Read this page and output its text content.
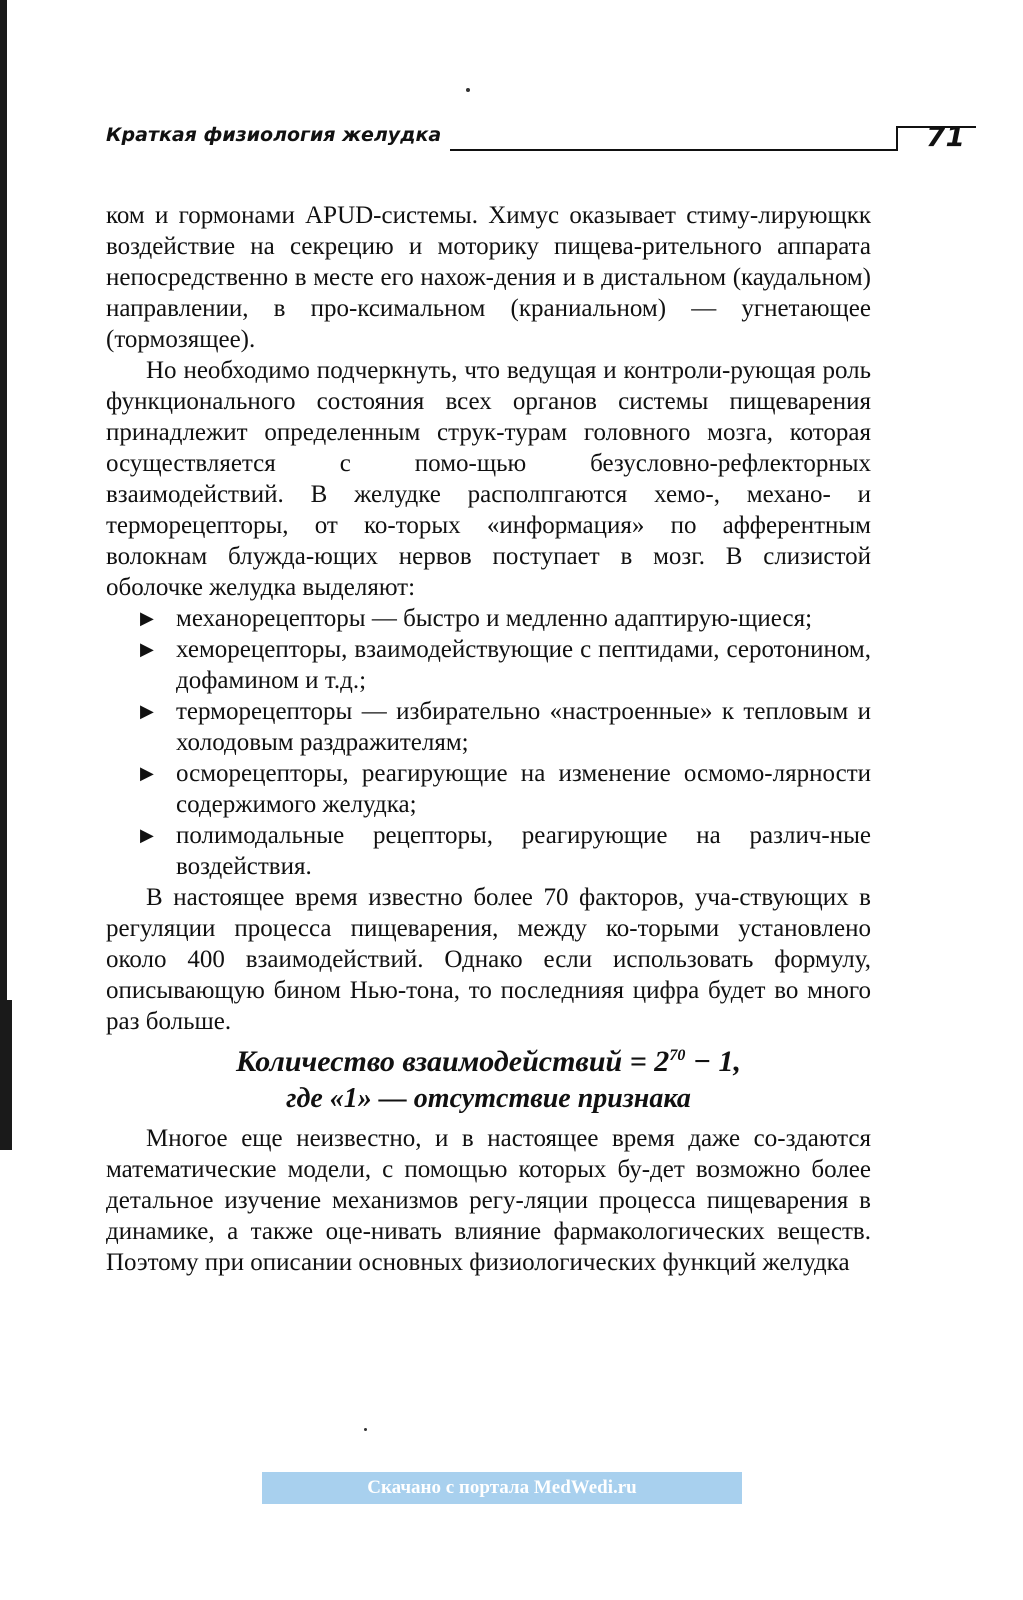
Краткая физиология желудка	71

ком и гормонами APUD-системы. Химус оказывает стиму-лирующкк воздействие на секрецию и моторику пищева-рительного аппарата непосредственно в месте его нахож-дения и в дистальном (каудальном) направлении, в про-ксимальном (краниальном) — угнетающее (тормозящее).

Но необходимо подчеркнуть, что ведущая и контроли-рующая роль функционального состояния всех органов системы пищеварения принадлежит определенным струк-турам головного мозга, которая осуществляется с помо-щью безусловно-рефлекторных взаимодействий. В желудке располпгаются хемо-, механо- и терморецепторы, от ко-торых «информация» по афферентным волокнам блужда-ющих нервов поступает в мозг. В слизистой оболочке желудка выделяют:

▶ механорецепторы — быстро и медленно адаптирую-щиеся;
▶ хеморецепторы, взаимодействующие с пептидами, серотонином, дофамином и т.д.;
▶ терморецепторы — избирательно «настроенные» к тепловым и холодовым раздражителям;
▶ осморецепторы, реагирующие на изменение осмомо-лярности содержимого желудка;
▶ полимодальные рецепторы, реагирующие на различ-ные воздействия.

В настоящее время известно более 70 факторов, уча-ствующих в регуляции процесса пищеварения, между ко-торыми установлено около 400 взаимодействий. Однако если использовать формулу, описывающую бином Нью-тона, то последнияя цифра будет во много раз больше.

Количество взаимодействий = $2^{70} - 1$,
где «1» — отсутствие признака

Многое еще неизвестно, и в настоящее время даже со-здаются математические модели, с помощью которых бу-дет возможно более детальное изучение механизмов регу-ляции процесса пищеварения в динамике, а также оце-нивать влияние фармакологических веществ. Поэтому при описании основных физиологических функций желудка

Скачано с портала MedWedi.ru
